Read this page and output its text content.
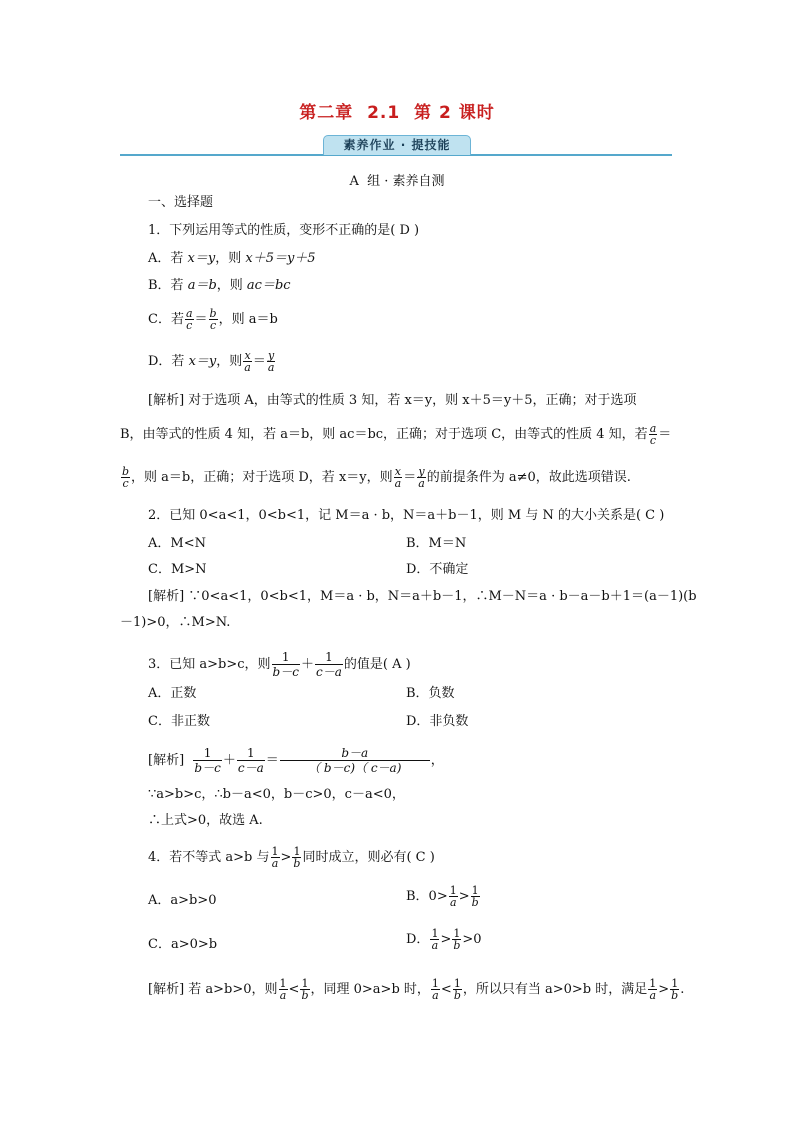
第二章  2.1  第 2 课时
素养作业 · 提技能
A  组 · 素养自测
一、选择题
1．下列运用等式的性质，变形不正确的是( D )
A．若 x＝y，则 x＋5＝y＋5
B．若 a＝b，则 ac＝bc
C．若 $\frac{a}{c} = \frac{b}{c}$ ，则 a＝b
D．若 x＝y，则 $\frac{x}{a} = \frac{y}{a}$
[解析] 对于选项 A，由等式的性质 3 知，若 x＝y，则 x＋5＝y＋5，正确；对于选项
B，由等式的性质 4 知，若 a＝b，则 ac＝bc，正确；对于选项 C，由等式的性质 4 知，若 $\frac{a}{c}$ ＝
$\frac{b}{c}$ ，则 a＝b，正确；对于选项 D，若 x＝y，则 $\frac{x}{a} = \frac{y}{a}$ 的前提条件为 a≠0，故此选项错误.
2．已知 0<a<1，0<b<1，记 M＝a · b，N＝a＋b－1，则 M 与 N 的大小关系是( C )
A．M<N	B．M＝N
C．M>N	D．不确定
[解析] ∵0<a<1，0<b<1，M＝a · b，N＝a＋b－1，∴M－N＝a · b－a－b＋1＝(a－1)(b
－1)>0，∴M>N.
3．已知 a>b>c，则 $\frac{1}{b-c} + \frac{1}{c-a}$ 的值是( A )
A．正数	B．负数
C．非正数	D．非负数
[解析] $\frac{1}{b-c} + \frac{1}{c-a} = \frac{b-a}{( b-c)( c-a)}$ ，
∵a>b>c，∴b－a<0，b－c>0，c－a<0，
∴上式>0，故选 A.
4．若不等式 a>b 与 $\frac{1}{a} > \frac{1}{b}$ 同时成立，则必有( C )
A．a>b>0	B．$0> \frac{1}{a} > \frac{1}{b}$
C．a>0>b	D． $\frac{1}{a} > \frac{1}{b} >0$
[解析] 若 a>b>0，则 $\frac{1}{a} < \frac{1}{b}$ ，同理 0>a>b 时， $\frac{1}{a} < \frac{1}{b}$ ，所以只有当 a>0>b 时，满足 $\frac{1}{a} > \frac{1}{b}$ .
